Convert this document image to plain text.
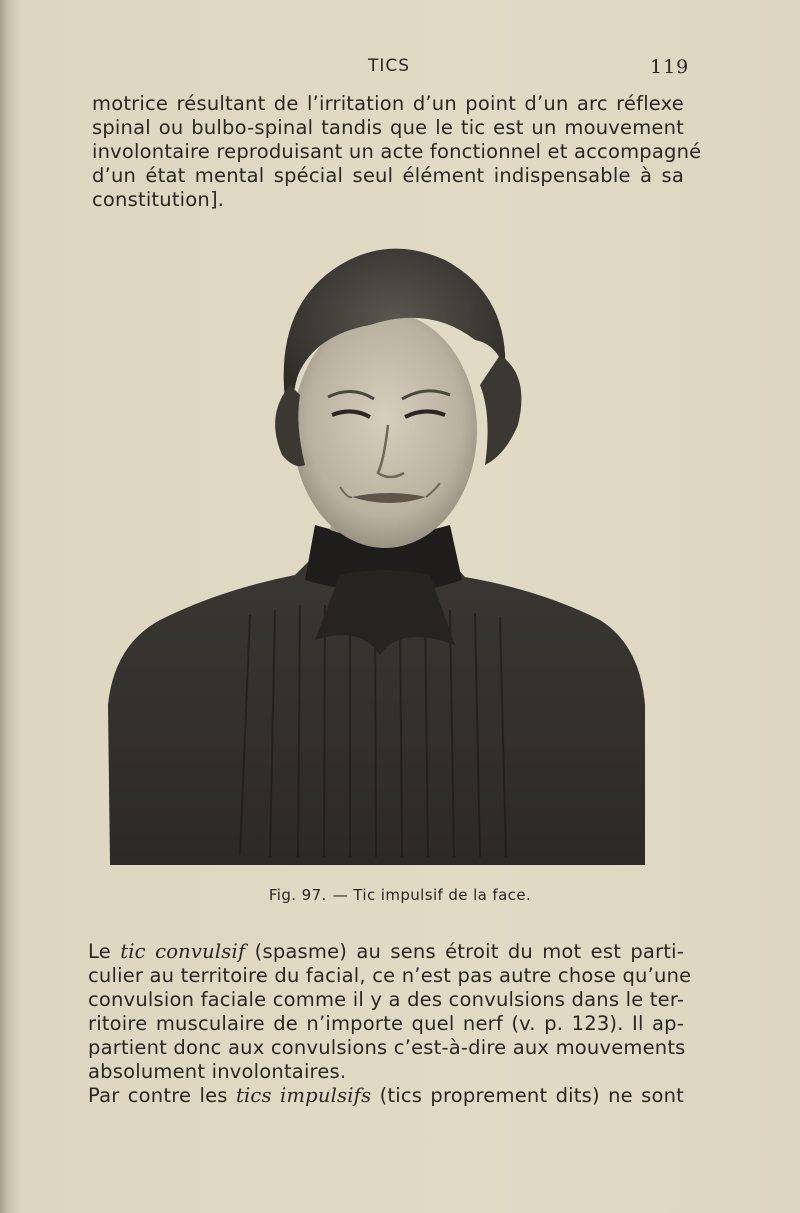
TICS	119
motrice résultant de l’irritation d’un point d’un arc réflexe
spinal ou bulbo-spinal tandis que le tic est un mouvement
involontaire reproduisant un acte fonctionnel et accompagné
d’un état mental spécial seul élément indispensable à sa
constitution].
Fig. 97. — Tic impulsif de la face.
Le tic convulsif (spasme) au sens étroit du mot est parti-
culier au territoire du facial, ce n’est pas autre chose qu’une
convulsion faciale comme il y a des convulsions dans le ter-
ritoire musculaire de n’importe quel nerf (v. p. 123). Il ap-
partient donc aux convulsions c’est-à-dire aux mouvements
absolument involontaires.
Par contre les tics impulsifs (tics proprement dits) ne sont
